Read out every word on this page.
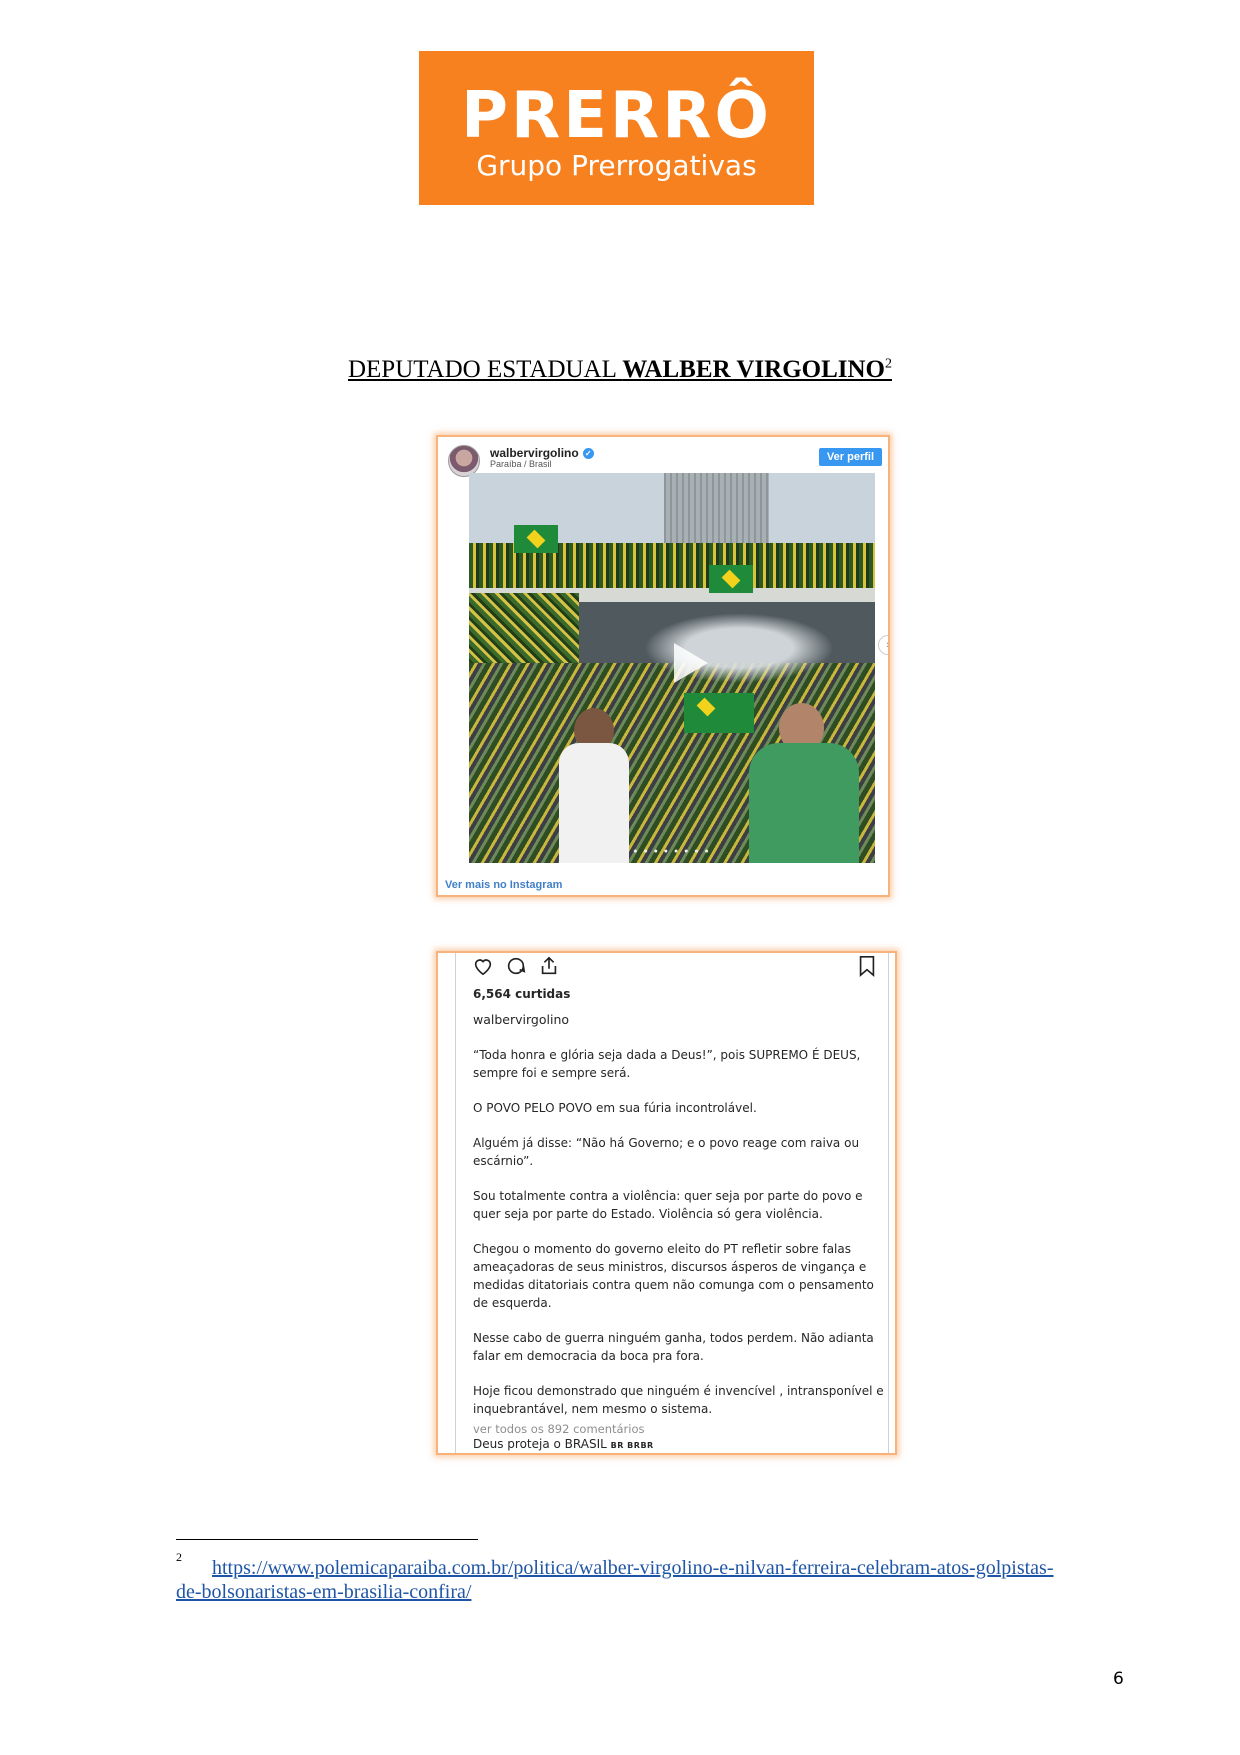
PRERRÔ
Grupo Prerrogativas
DEPUTADO ESTADUAL WALBER VIRGOLINO$^2$
walbervirgolino ✓
Paraíba / Brasil
Ver perfil
● ● ● ● ● ● ● ●
›
Ver mais no Instagram

6,564 curtidas
walbervirgolino

“Toda honra e glória seja dada a Deus!”, pois SUPREMO É DEUS, sempre foi e sempre será.

O POVO PELO POVO em sua fúria incontrolável.

Alguém já disse: “Não há Governo; e o povo reage com raiva ou escárnio”.

Sou totalmente contra a violência: quer seja por parte do povo e quer seja por parte do Estado. Violência só gera violência.

Chegou o momento do governo eleito do PT refletir sobre falas ameaçadoras de seus ministros, discursos ásperos de vingança e medidas ditatoriais contra quem não comunga com o pensamento de esquerda.

Nesse cabo de guerra ninguém ganha, todos perdem. Não adianta falar em democracia da boca pra fora.

Hoje ficou demonstrado que ninguém é invencível , intransponível e inquebrantável, nem mesmo o sistema.

Deus proteja o BRASIL BR BRBR

ver todos os 892 comentários
2	https://www.polemicaparaiba.com.br/politica/walber-virgolino-e-nilvan-ferreira-celebram-atos-golpistas-de-bolsonaristas-em-brasilia-confira/
6
